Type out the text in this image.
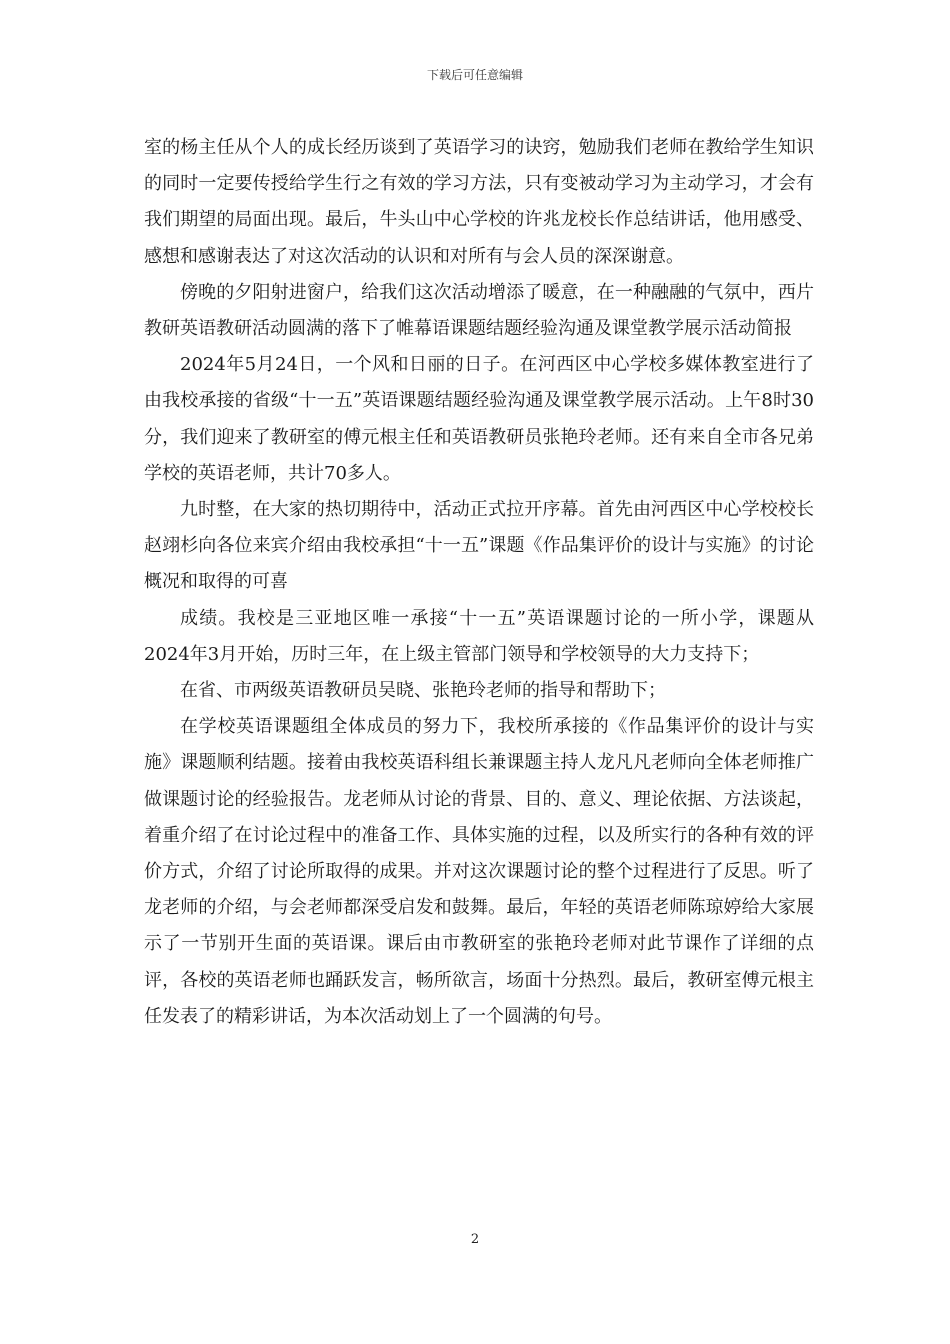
下载后可任意编辑

室的杨主任从个人的成长经历谈到了英语学习的诀窍，勉励我们老师在教给学生知识的同时一定要传授给学生行之有效的学习方法，只有变被动学习为主动学习，才会有我们期望的局面出现。最后，牛头山中心学校的许兆龙校长作总结讲话，他用感受、感想和感谢表达了对这次活动的认识和对所有与会人员的深深谢意。

傍晚的夕阳射进窗户，给我们这次活动增添了暖意，在一种融融的气氛中，西片教研英语教研活动圆满的落下了帷幕语课题结题经验沟通及课堂教学展示活动简报

2024年5月24日，一个风和日丽的日子。在河西区中心学校多媒体教室进行了由我校承接的省级“十一五”英语课题结题经验沟通及课堂教学展示活动。上午8时30分，我们迎来了教研室的傅元根主任和英语教研员张艳玲老师。还有来自全市各兄弟学校的英语老师，共计70多人。

九时整，在大家的热切期待中，活动正式拉开序幕。首先由河西区中心学校校长赵翊杉向各位来宾介绍由我校承担“十一五”课题《作品集评价的设计与实施》的讨论概况和取得的可喜

成绩。我校是三亚地区唯一承接“十一五”英语课题讨论的一所小学，课题从2024年3月开始，历时三年，在上级主管部门领导和学校领导的大力支持下；

在省、市两级英语教研员吴晓、张艳玲老师的指导和帮助下；

在学校英语课题组全体成员的努力下，我校所承接的《作品集评价的设计与实施》课题顺利结题。接着由我校英语科组长兼课题主持人龙凡凡老师向全体老师推广做课题讨论的经验报告。龙老师从讨论的背景、目的、意义、理论依据、方法谈起，着重介绍了在讨论过程中的准备工作、具体实施的过程，以及所实行的各种有效的评价方式，介绍了讨论所取得的成果。并对这次课题讨论的整个过程进行了反思。听了龙老师的介绍，与会老师都深受启发和鼓舞。最后，年轻的英语老师陈琼婷给大家展示了一节别开生面的英语课。课后由市教研室的张艳玲老师对此节课作了详细的点评，各校的英语老师也踊跃发言，畅所欲言，场面十分热烈。最后，教研室傅元根主任发表了的精彩讲话，为本次活动划上了一个圆满的句号。

2
